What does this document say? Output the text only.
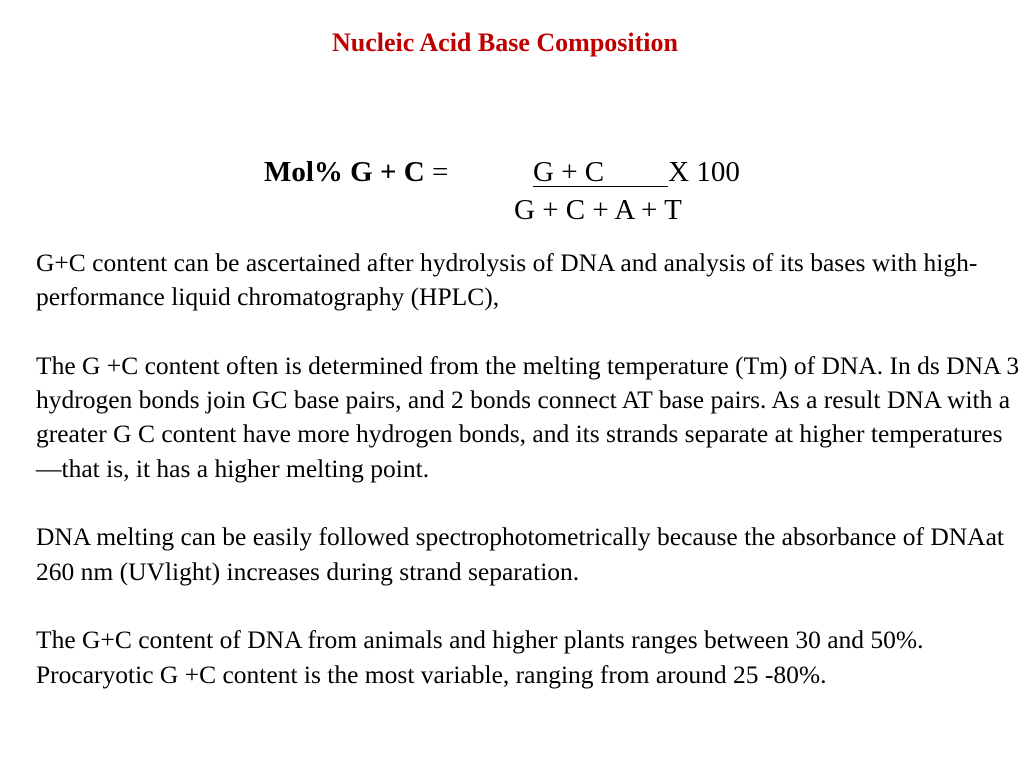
Nucleic Acid Base Composition
Mol% G + C =	G + C X 100
G + C + A + T

G+C content can be ascertained after hydrolysis of DNA and analysis of its bases with high-performance liquid chromatography (HPLC),

The G +C content often is determined from the melting temperature (Tm) of DNA. In ds DNA 3 hydrogen bonds join GC base pairs, and 2 bonds connect AT base pairs. As a result DNA with a greater G C content have more hydrogen bonds, and its strands separate at higher temperatures—that is, it has a higher melting point.

DNA melting can be easily followed spectrophotometrically because the absorbance of DNAat 260 nm (UVlight) increases during strand separation.

The G+C content of DNA from animals and higher plants ranges between 30 and 50%.

Procaryotic G +C content is the most variable, ranging from around 25 -80%.
